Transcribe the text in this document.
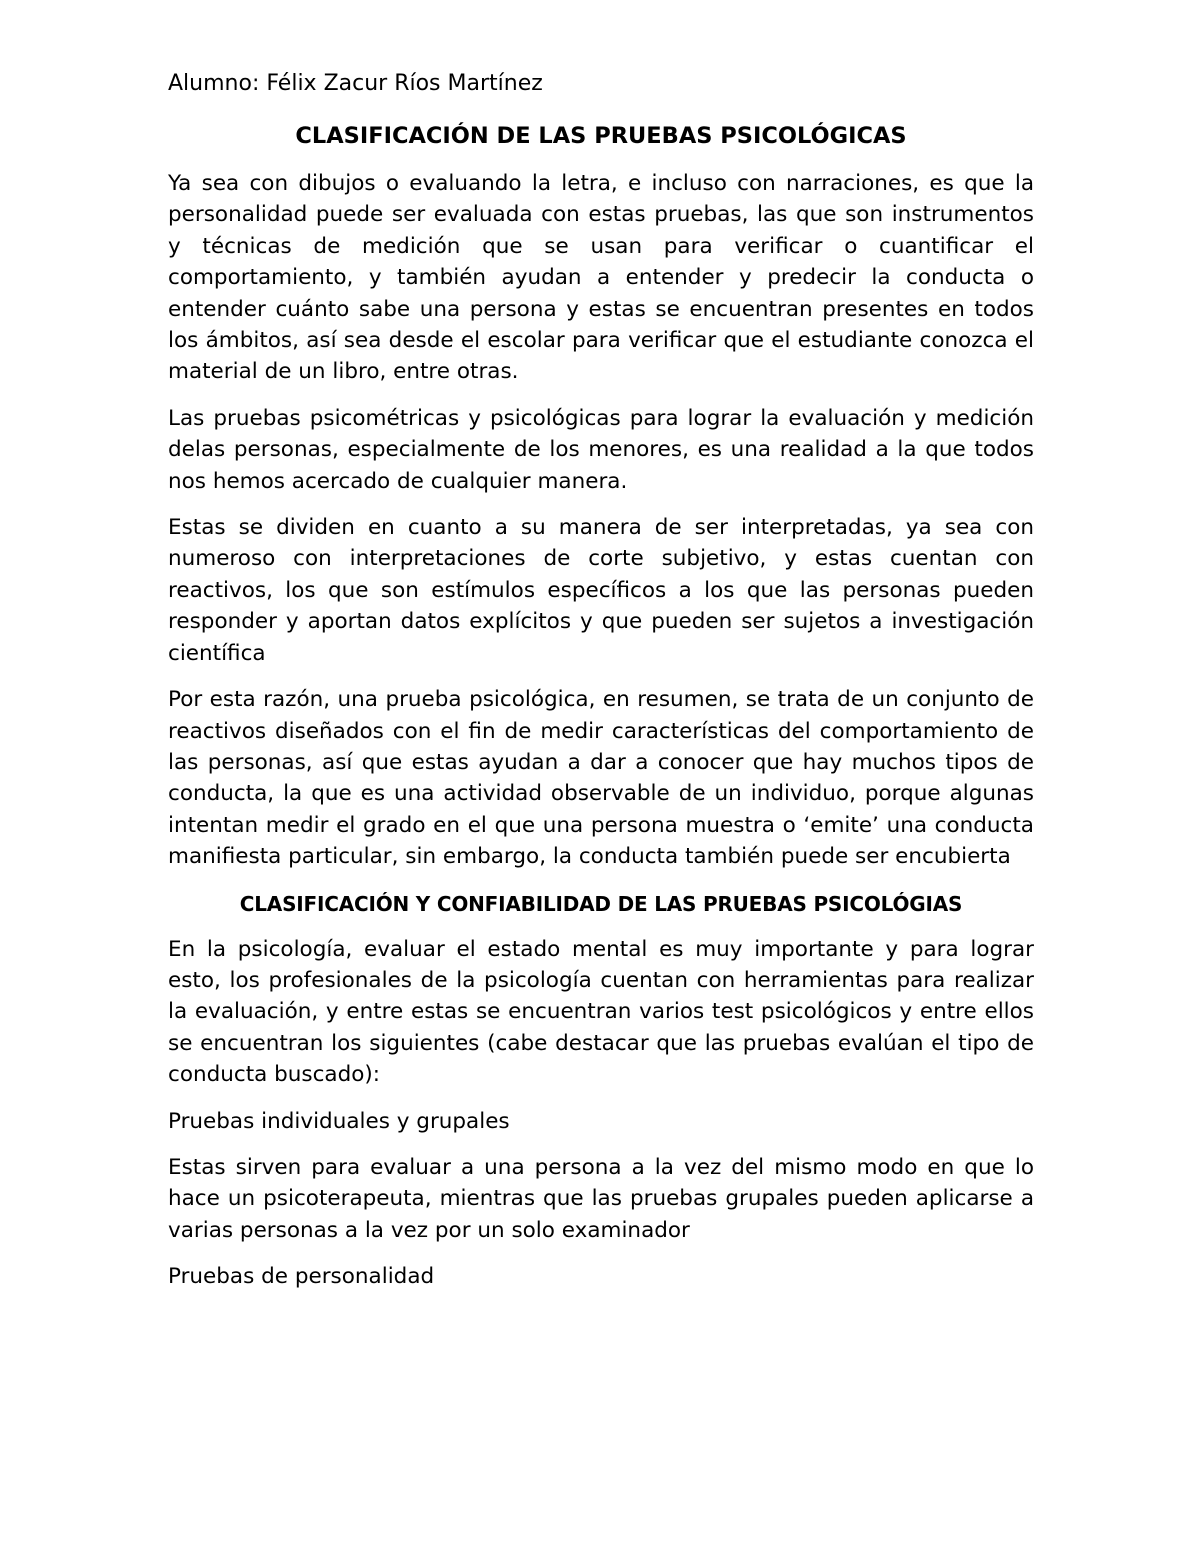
Alumno: Félix Zacur Ríos Martínez

CLASIFICACIÓN DE LAS PRUEBAS PSICOLÓGICAS

Ya sea con dibujos o evaluando la letra, e incluso con narraciones, es que la personalidad puede ser evaluada con estas pruebas, las que son instrumentos y técnicas de medición que se usan para verificar o cuantificar el comportamiento, y también ayudan a entender y predecir la conducta o entender cuánto sabe una persona y estas se encuentran presentes en todos los ámbitos, así sea desde el escolar para verificar que el estudiante conozca el material de un libro, entre otras.

Las pruebas psicométricas y psicológicas para lograr la evaluación y medición delas personas, especialmente de los menores, es una realidad a la que todos nos hemos acercado de cualquier manera.

Estas se dividen en cuanto a su manera de ser interpretadas, ya sea con numeroso con interpretaciones de corte subjetivo, y estas cuentan con reactivos, los que son estímulos específicos a los que las personas pueden responder y aportan datos explícitos y que pueden ser sujetos a investigación científica

Por esta razón, una prueba psicológica, en resumen, se trata de un conjunto de reactivos diseñados con el fin de medir características del comportamiento de las personas, así que estas ayudan a dar a conocer que hay muchos tipos de conducta, la que es una actividad observable de un individuo, porque algunas intentan medir el grado en el que una persona muestra o ‘emite’ una conducta manifiesta particular, sin embargo, la conducta también puede ser encubierta

CLASIFICACIÓN Y CONFIABILIDAD DE LAS PRUEBAS PSICOLÓGIAS

En la psicología, evaluar el estado mental es muy importante y para lograr esto, los profesionales de la psicología cuentan con herramientas para realizar la evaluación, y entre estas se encuentran varios test psicológicos y entre ellos se encuentran los siguientes (cabe destacar que las pruebas evalúan el tipo de conducta buscado):

Pruebas individuales y grupales

Estas sirven para evaluar a una persona a la vez del mismo modo en que lo hace un psicoterapeuta, mientras que las pruebas grupales pueden aplicarse a varias personas a la vez por un solo examinador

Pruebas de personalidad
